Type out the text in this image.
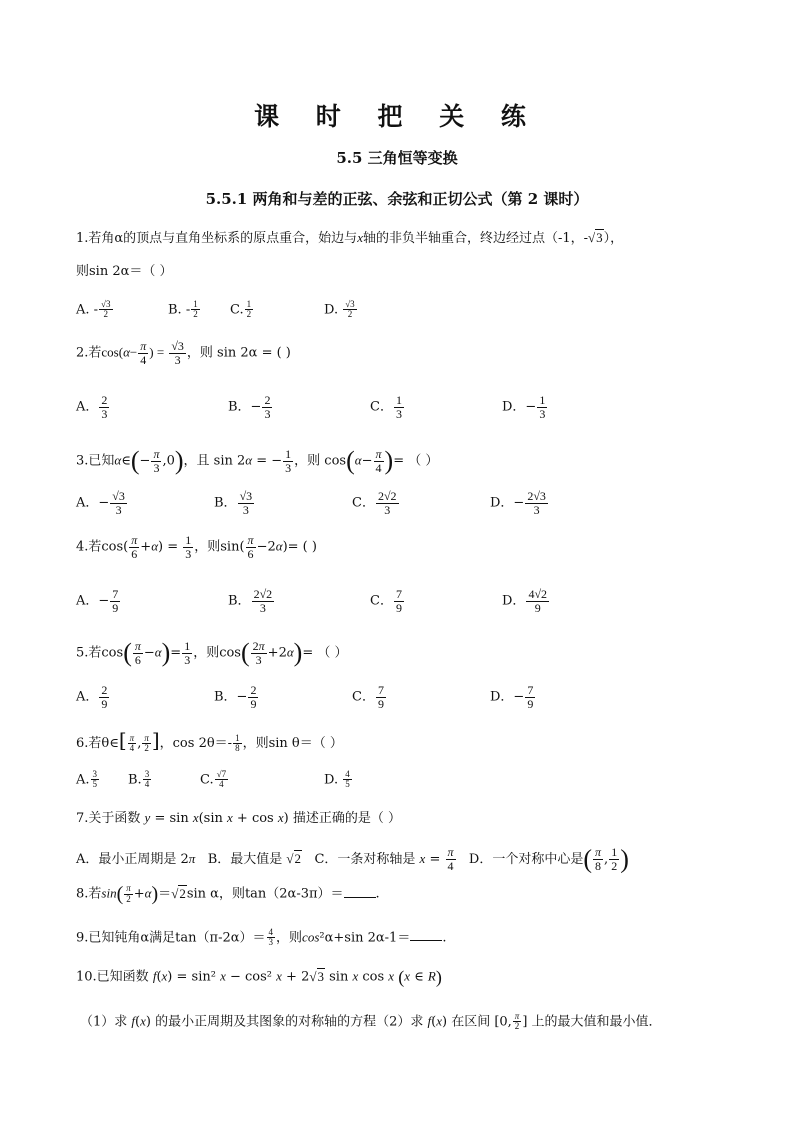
课 时 把 关 练
5.5 三角恒等变换
5.5.1 两角和与差的正弦、余弦和正切公式（第 2 课时）
1.若角α的顶点与直角坐标系的原点重合，始边与x轴的非负半轴重合，终边经过点（-1，-√3），
则sin 2α＝（ ）
A. - $\frac{√3}{2}$	B. - $\frac{1}{2} C$. $\frac{1}{2}$	D. $\frac{√3}{2}$
2.若$\cos(\alpha- \frac{\pi}{4}$ ) = $\frac{√3}{3}$ ，则 sin 2α = ( )
A． $\frac{2}{3}$	B．− $\frac{2}{3}$	C． $\frac{1}{3}$	D．− $\frac{1}{3}$
3.已知α∈(− $\frac{\pi}{3} ,0$)，且 sin 2α = − $\frac{1}{3}$ ，则 $\cos(\alpha- \frac{\pi}{4}$ )= （ ）
A．− $\frac{√3}{3}$	B． $\frac{√3}{3}$	C． $\frac{2√2}{3}$	D．− $\frac{2√3}{3}$
4.若$\cos( \frac{\pi}{6} +\alpha) = \frac{1}{3}$ ，则$\sin( \frac{\pi}{6} -2\alpha)=$ ( )
A．− $\frac{7}{9}$	B． $\frac{2√2}{3}$	C． $\frac{7}{9}$	D． $\frac{4√2}{9}$
5.若$\cos( \frac{\pi}{6} -\alpha)= \frac{1}{3}$ ，则$\cos( \frac{2\pi}{3} +2\alpha)=$ （ ）
A． $\frac{2}{9}$	B．− $\frac{2}{9}$	C． $\frac{7}{9}$	D．− $\frac{7}{9}$
6.若θ∈[ $\frac{\pi}{4}$ , $\frac{\pi}{2}$ ]，$\cos 2\theta=- \frac{1}{8}$ ，则sin θ＝（ ）
A. $\frac{3}{5} B$. $\frac{3}{4}$	C. $\frac{√7}{4}$	D. $\frac{4}{5}$
7.关于函数 y = sin x(sin x + cos x) 描述正确的是（ ）
A．最小正周期是 2π B．最大值是 √2 C．一条对称轴是 $x = \frac{\pi}{4}$ D．一个对称中心是( $\frac{\pi}{8}$ , $\frac{1}{2}$ )
8.若$\sin( \frac{\pi}{2} +\alpha)=√2\sin$ α，则tan（2α-3π）＝ .
9.已知钝角α满足$\tan(\pi-2\alpha)= \frac{4}{3}$ ，则cos²α+sin 2α-1＝ .
10.已知函数 f(x) = sin² x − cos² x + 2√3 sin x cos x (x ∈ R)
（1）求 f(x) 的最小正周期及其图象的对称轴的方程（2）求 f(x) 在区间 [0, $\frac{\pi}{2}$ ] 上的最大值和最小值．
